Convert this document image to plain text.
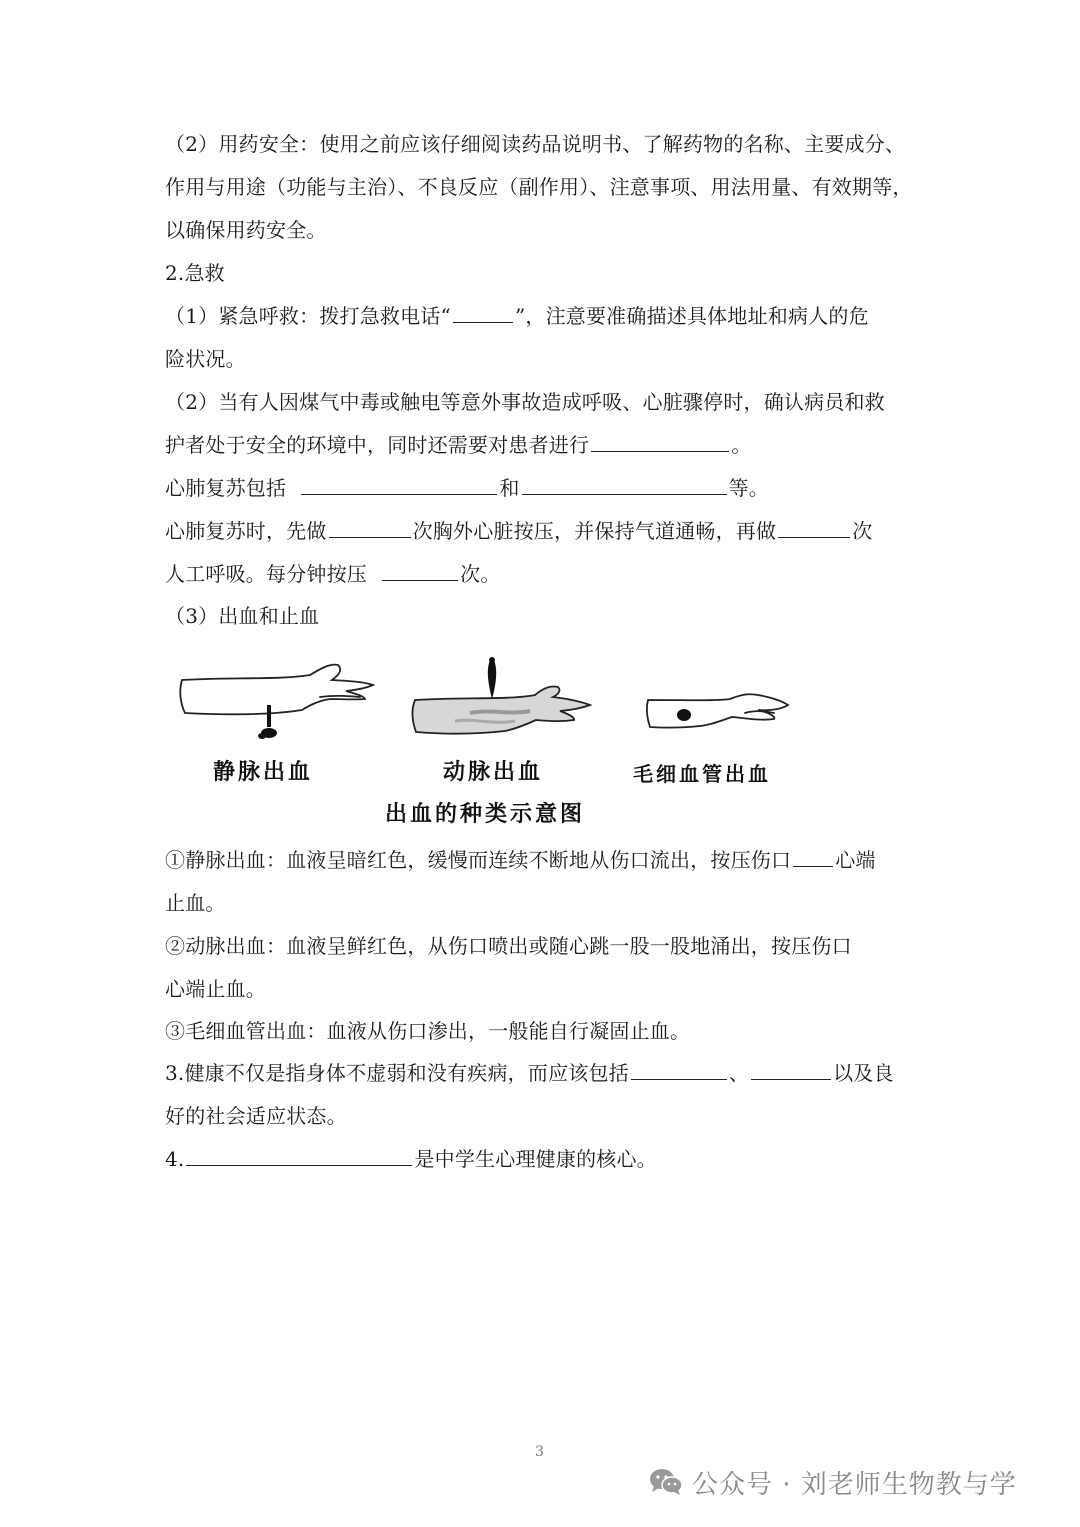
（2）用药安全：使用之前应该仔细阅读药品说明书、了解药物的名称、主要成分、
作用与用途（功能与主治）、不良反应（副作用）、注意事项、用法用量、有效期等，
以确保用药安全。
2.急救
（1）紧急呼救：拨打急救电话“	”，注意要准确描述具体地址和病人的危
险状况。
（2）当有人因煤气中毒或触电等意外事故造成呼吸、心脏骤停时，确认病员和救
护者处于安全的环境中，同时还需要对患者进行	。
心肺复苏包括	和	等。
心肺复苏时，先做	次胸外心脏按压，并保持气道通畅，再做	次
人工呼吸。每分钟按压	次。
（3）出血和止血
静脉出血	动脉出血	毛细血管出血
出血的种类示意图
①静脉出血：血液呈暗红色，缓慢而连续不断地从伤口流出，按压伤口 心端
止血。
②动脉出血：血液呈鲜红色，从伤口喷出或随心跳一股一股地涌出，按压伤口
心端止血。
③毛细血管出血：血液从伤口渗出，一般能自行凝固止血。
3.健康不仅是指身体不虚弱和没有疾病，而应该包括	、	以及良
好的社会适应状态。
4.	是中学生心理健康的核心。
3
公众号 · 刘老师生物教与学
